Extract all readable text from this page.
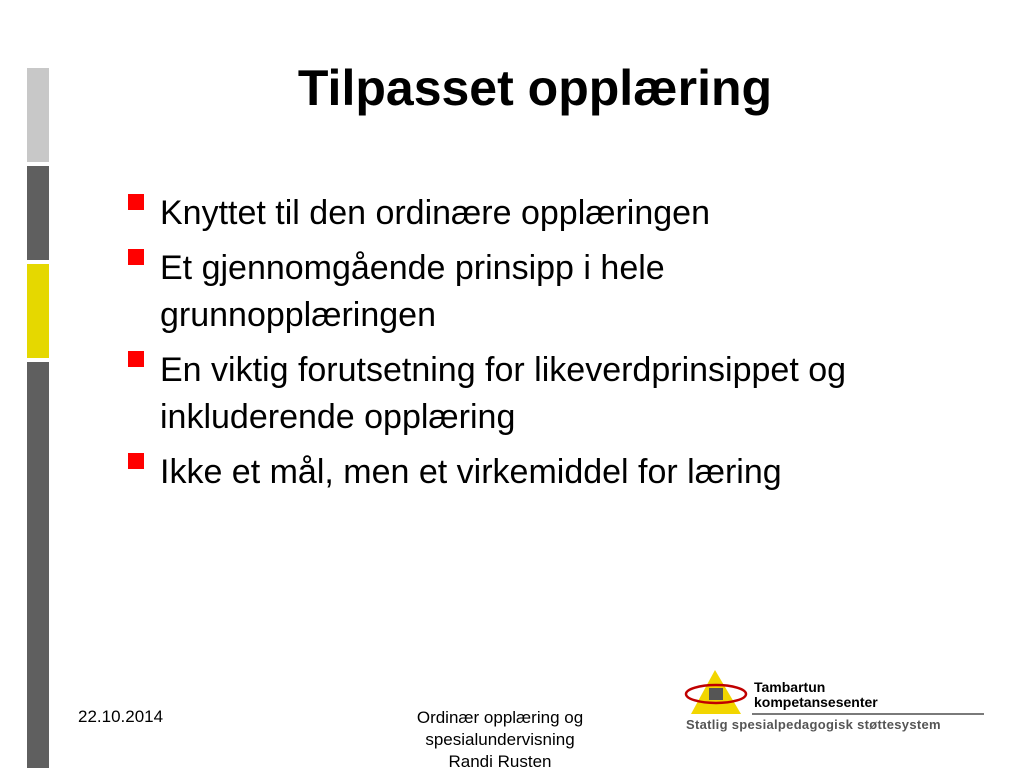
Tilpasset opplæring
Knyttet til den ordinære opplæringen
Et gjennomgående prinsipp i hele grunnopplæringen
En viktig forutsetning for likeverdprinsippet og inkluderende opplæring
Ikke et mål, men et virkemiddel for læring
22.10.2014	Ordinær opplæring og
spesialundervisning
Randi Rusten
Tambartun
kompetansesenter
Statlig spesialpedagogisk støttesystem
